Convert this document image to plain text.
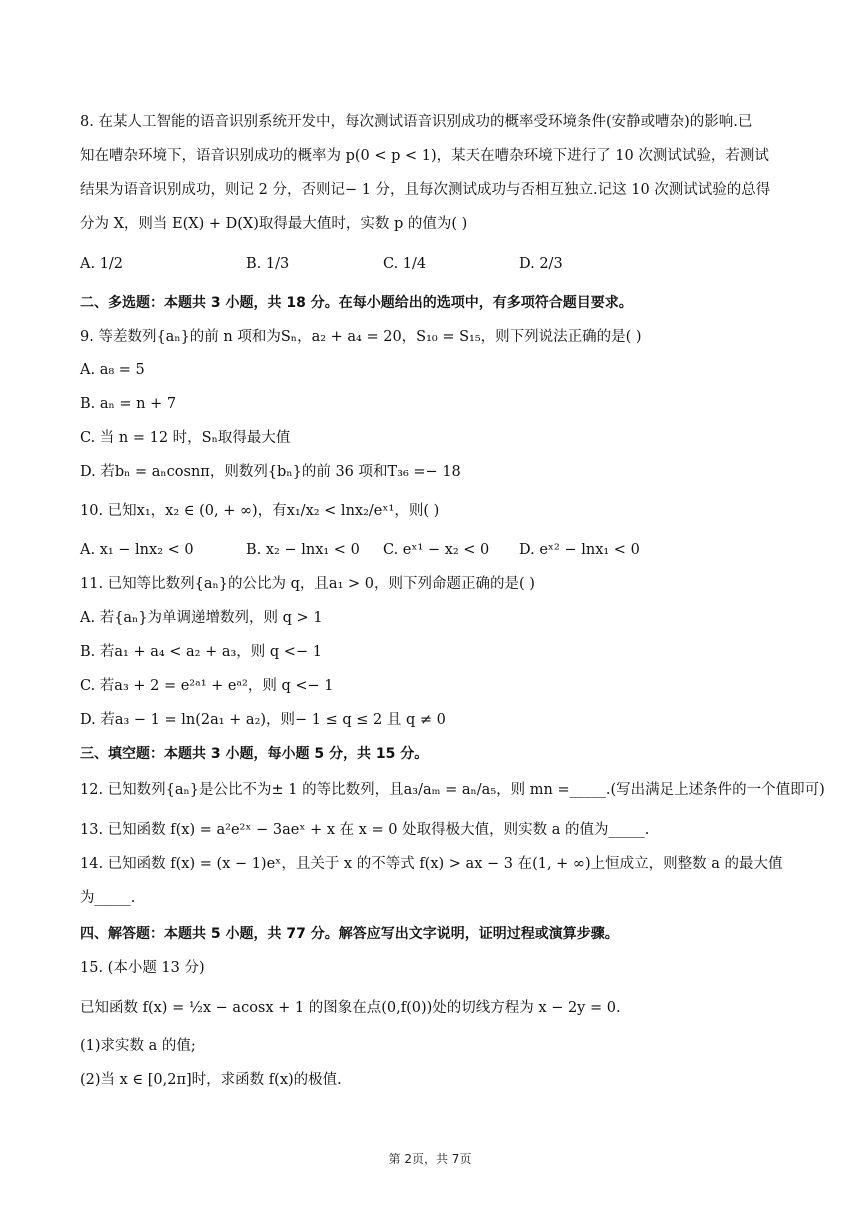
8. 在某人工智能的语音识别系统开发中，每次测试语音识别成功的概率受环境条件(安静或嘈杂)的影响.已
知在嘈杂环境下，语音识别成功的概率为 p(0 < p < 1)，某天在嘈杂环境下进行了 10 次测试试验，若测试
结果为语音识别成功，则记 2 分，否则记− 1 分，且每次测试成功与否相互独立.记这 10 次测试试验的总得
分为 X，则当 E(X) + D(X)取得最大值时，实数 p 的值为( )
A. 1/2	B. 1/3	C. 1/4	D. 2/3
二、多选题：本题共 3 小题，共 18 分。在每小题给出的选项中，有多项符合题目要求。
9. 等差数列{aₙ}的前 n 项和为Sₙ，a₂ + a₄ = 20，S₁₀ = S₁₅，则下列说法正确的是( )
A. a₈ = 5
B. aₙ = n + 7
C. 当 n = 12 时，Sₙ取得最大值
D. 若bₙ = aₙcosnπ，则数列{bₙ}的前 36 项和T₃₆ =− 18
10. 已知x₁，x₂ ∈ (0, + ∞)，有x₁/x₂ < lnx₂/eˣ¹，则( )
A. x₁ − lnx₂ < 0	B. x₂ − lnx₁ < 0 C. eˣ¹ − x₂ < 0 D. eˣ² − lnx₁ < 0
11. 已知等比数列{aₙ}的公比为 q，且a₁ > 0，则下列命题正确的是( )
A. 若{aₙ}为单调递增数列，则 q > 1
B. 若a₁ + a₄ < a₂ + a₃，则 q <− 1
C. 若a₃ + 2 = e²ᵃ¹ + eᵃ²，则 q <− 1
D. 若a₃ − 1 = ln(2a₁ + a₂)，则− 1 ≤ q ≤ 2 且 q ≠ 0
三、填空题：本题共 3 小题，每小题 5 分，共 15 分。
12. 已知数列{aₙ}是公比不为± 1 的等比数列，且a₃/aₘ = aₙ/a₅，则 mn =_____.(写出满足上述条件的一个值即可)
13. 已知函数 f(x) = a²e²ˣ − 3aeˣ + x 在 x = 0 处取得极大值，则实数 a 的值为_____.
14. 已知函数 f(x) = (x − 1)eˣ，且关于 x 的不等式 f(x) > ax − 3 在(1, + ∞)上恒成立，则整数 a 的最大值
为_____.
四、解答题：本题共 5 小题，共 77 分。解答应写出文字说明，证明过程或演算步骤。
15. (本小题 13 分)
已知函数 f(x) = ½x − acosx + 1 的图象在点(0,f(0))处的切线方程为 x − 2y = 0.
(1)求实数 a 的值;
(2)当 x ∈ [0,2π]时，求函数 f(x)的极值.
第 2页，共 7页
